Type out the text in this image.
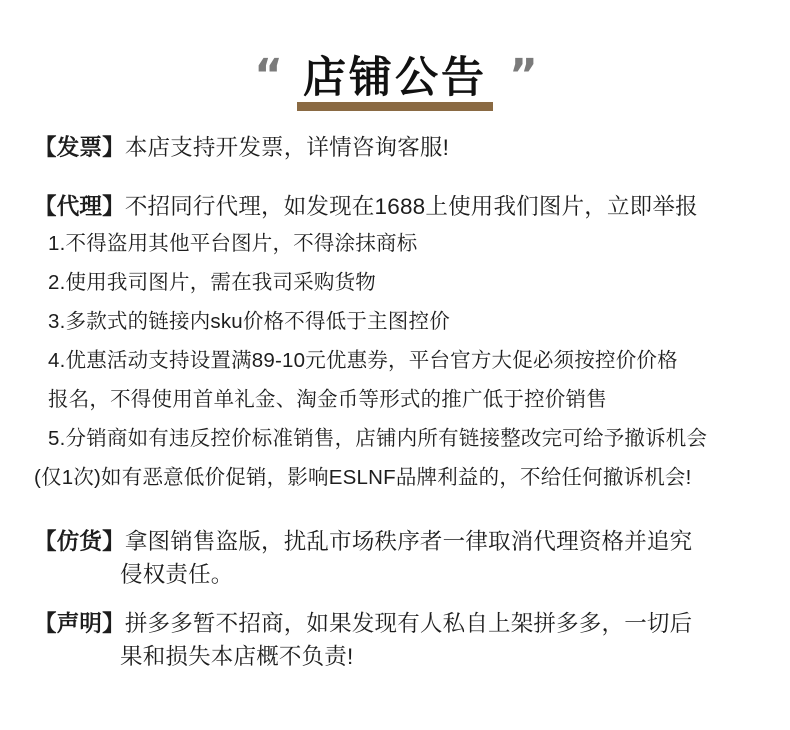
“ 店铺公告 ”
【发票】本店支持开发票，详情咨询客服!
【代理】不招同行代理，如发现在1688上使用我们图片，立即举报
1.不得盗用其他平台图片，不得涂抹商标
2.使用我司图片，需在我司采购货物
3.多款式的链接内sku价格不得低于主图控价
4.优惠活动支持设置满89-10元优惠券，平台官方大促必须按控价价格
报名，不得使用首单礼金、淘金币等形式的推广低于控价销售
5.分销商如有违反控价标准销售，店铺内所有链接整改完可给予撤诉机会
(仅1次)如有恶意低价促销，影响ESLNF品牌利益的，不给任何撤诉机会!
【仿货】拿图销售盗版，扰乱市场秩序者一律取消代理资格并追究
侵权责任。
【声明】拼多多暂不招商，如果发现有人私自上架拼多多，一切后
果和损失本店概不负责!
